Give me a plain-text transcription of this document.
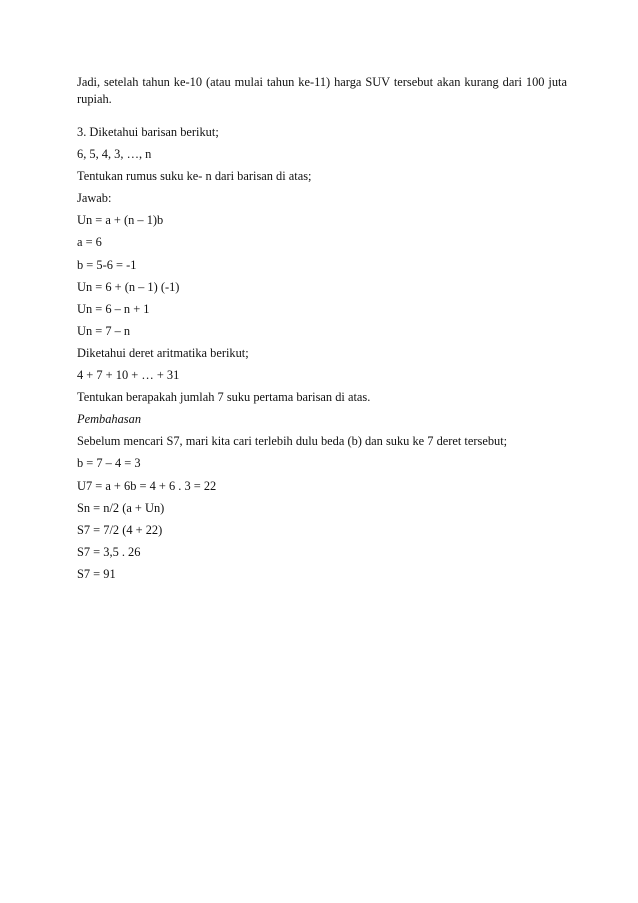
Jadi, setelah tahun ke-10 (atau mulai tahun ke-11) harga SUV tersebut akan kurang dari 100 juta rupiah.

3. Diketahui barisan berikut;
6, 5, 4, 3, …, n
Tentukan rumus suku ke- n dari barisan di atas;
Jawab:
Un = a + (n – 1)b
a = 6
b = 5-6 = -1
Un = 6 + (n – 1) (-1)
Un = 6 – n + 1
Un = 7 – n
Diketahui deret aritmatika berikut;
4 + 7 + 10 + … + 31
Tentukan berapakah jumlah 7 suku pertama barisan di atas.
Pembahasan
Sebelum mencari S7, mari kita cari terlebih dulu beda (b) dan suku ke 7 deret tersebut;
b = 7 – 4 = 3
U7 = a + 6b = 4 + 6 . 3 = 22
Sn = n/2 (a + Un)
S7 = 7/2 (4 + 22)
S7 = 3,5 . 26
S7 = 91
